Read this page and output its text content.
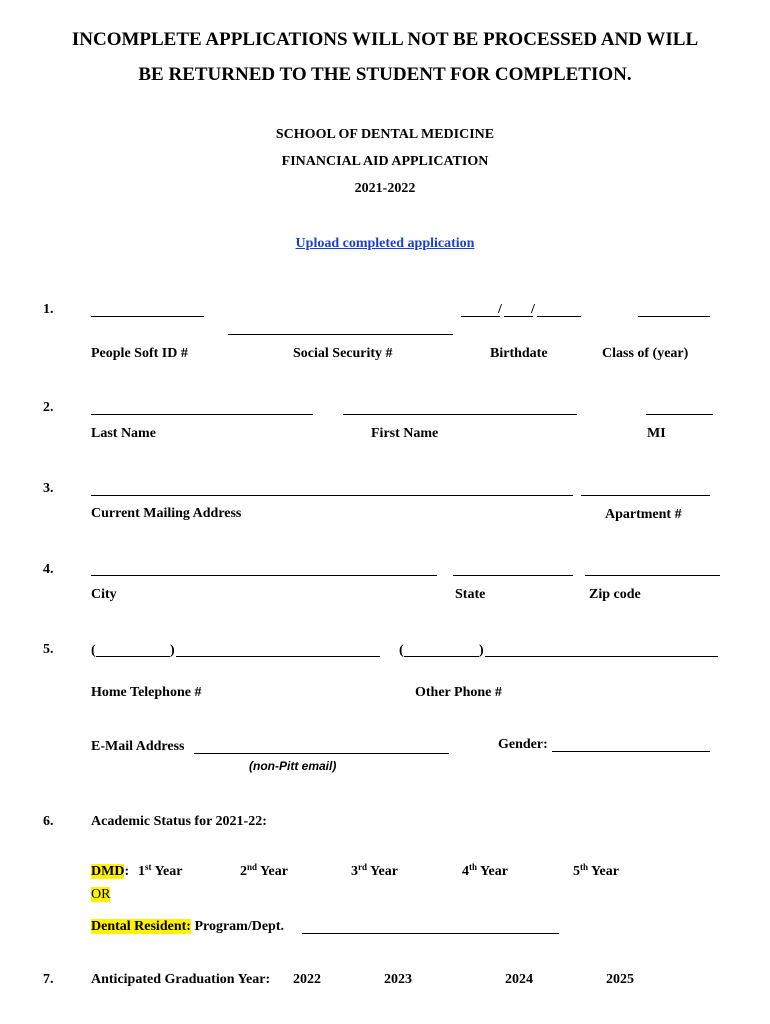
INCOMPLETE APPLICATIONS WILL NOT BE PROCESSED AND WILL
BE RETURNED TO THE STUDENT FOR COMPLETION.
SCHOOL OF DENTAL MEDICINE
FINANCIAL AID APPLICATION
2021-2022
Upload completed application
1.	/ /
People Soft ID #	Social Security #	Birthdate	Class of (year)
2.
Last Name	First Name	MI
3.
Current Mailing Address	Apartment #
4.
City	State	Zip code
5.	(	)	(	)
Home Telephone #	Other Phone #
E-Mail Address
(non-Pitt email)
Gender:
6.	Academic Status for 2021-22:
DMD: 1st Year	2nd Year	3rd Year	4th Year	5th Year
OR
Dental Resident: Program/Dept.
7.	Anticipated Graduation Year: 2022	2023	2024	2025
